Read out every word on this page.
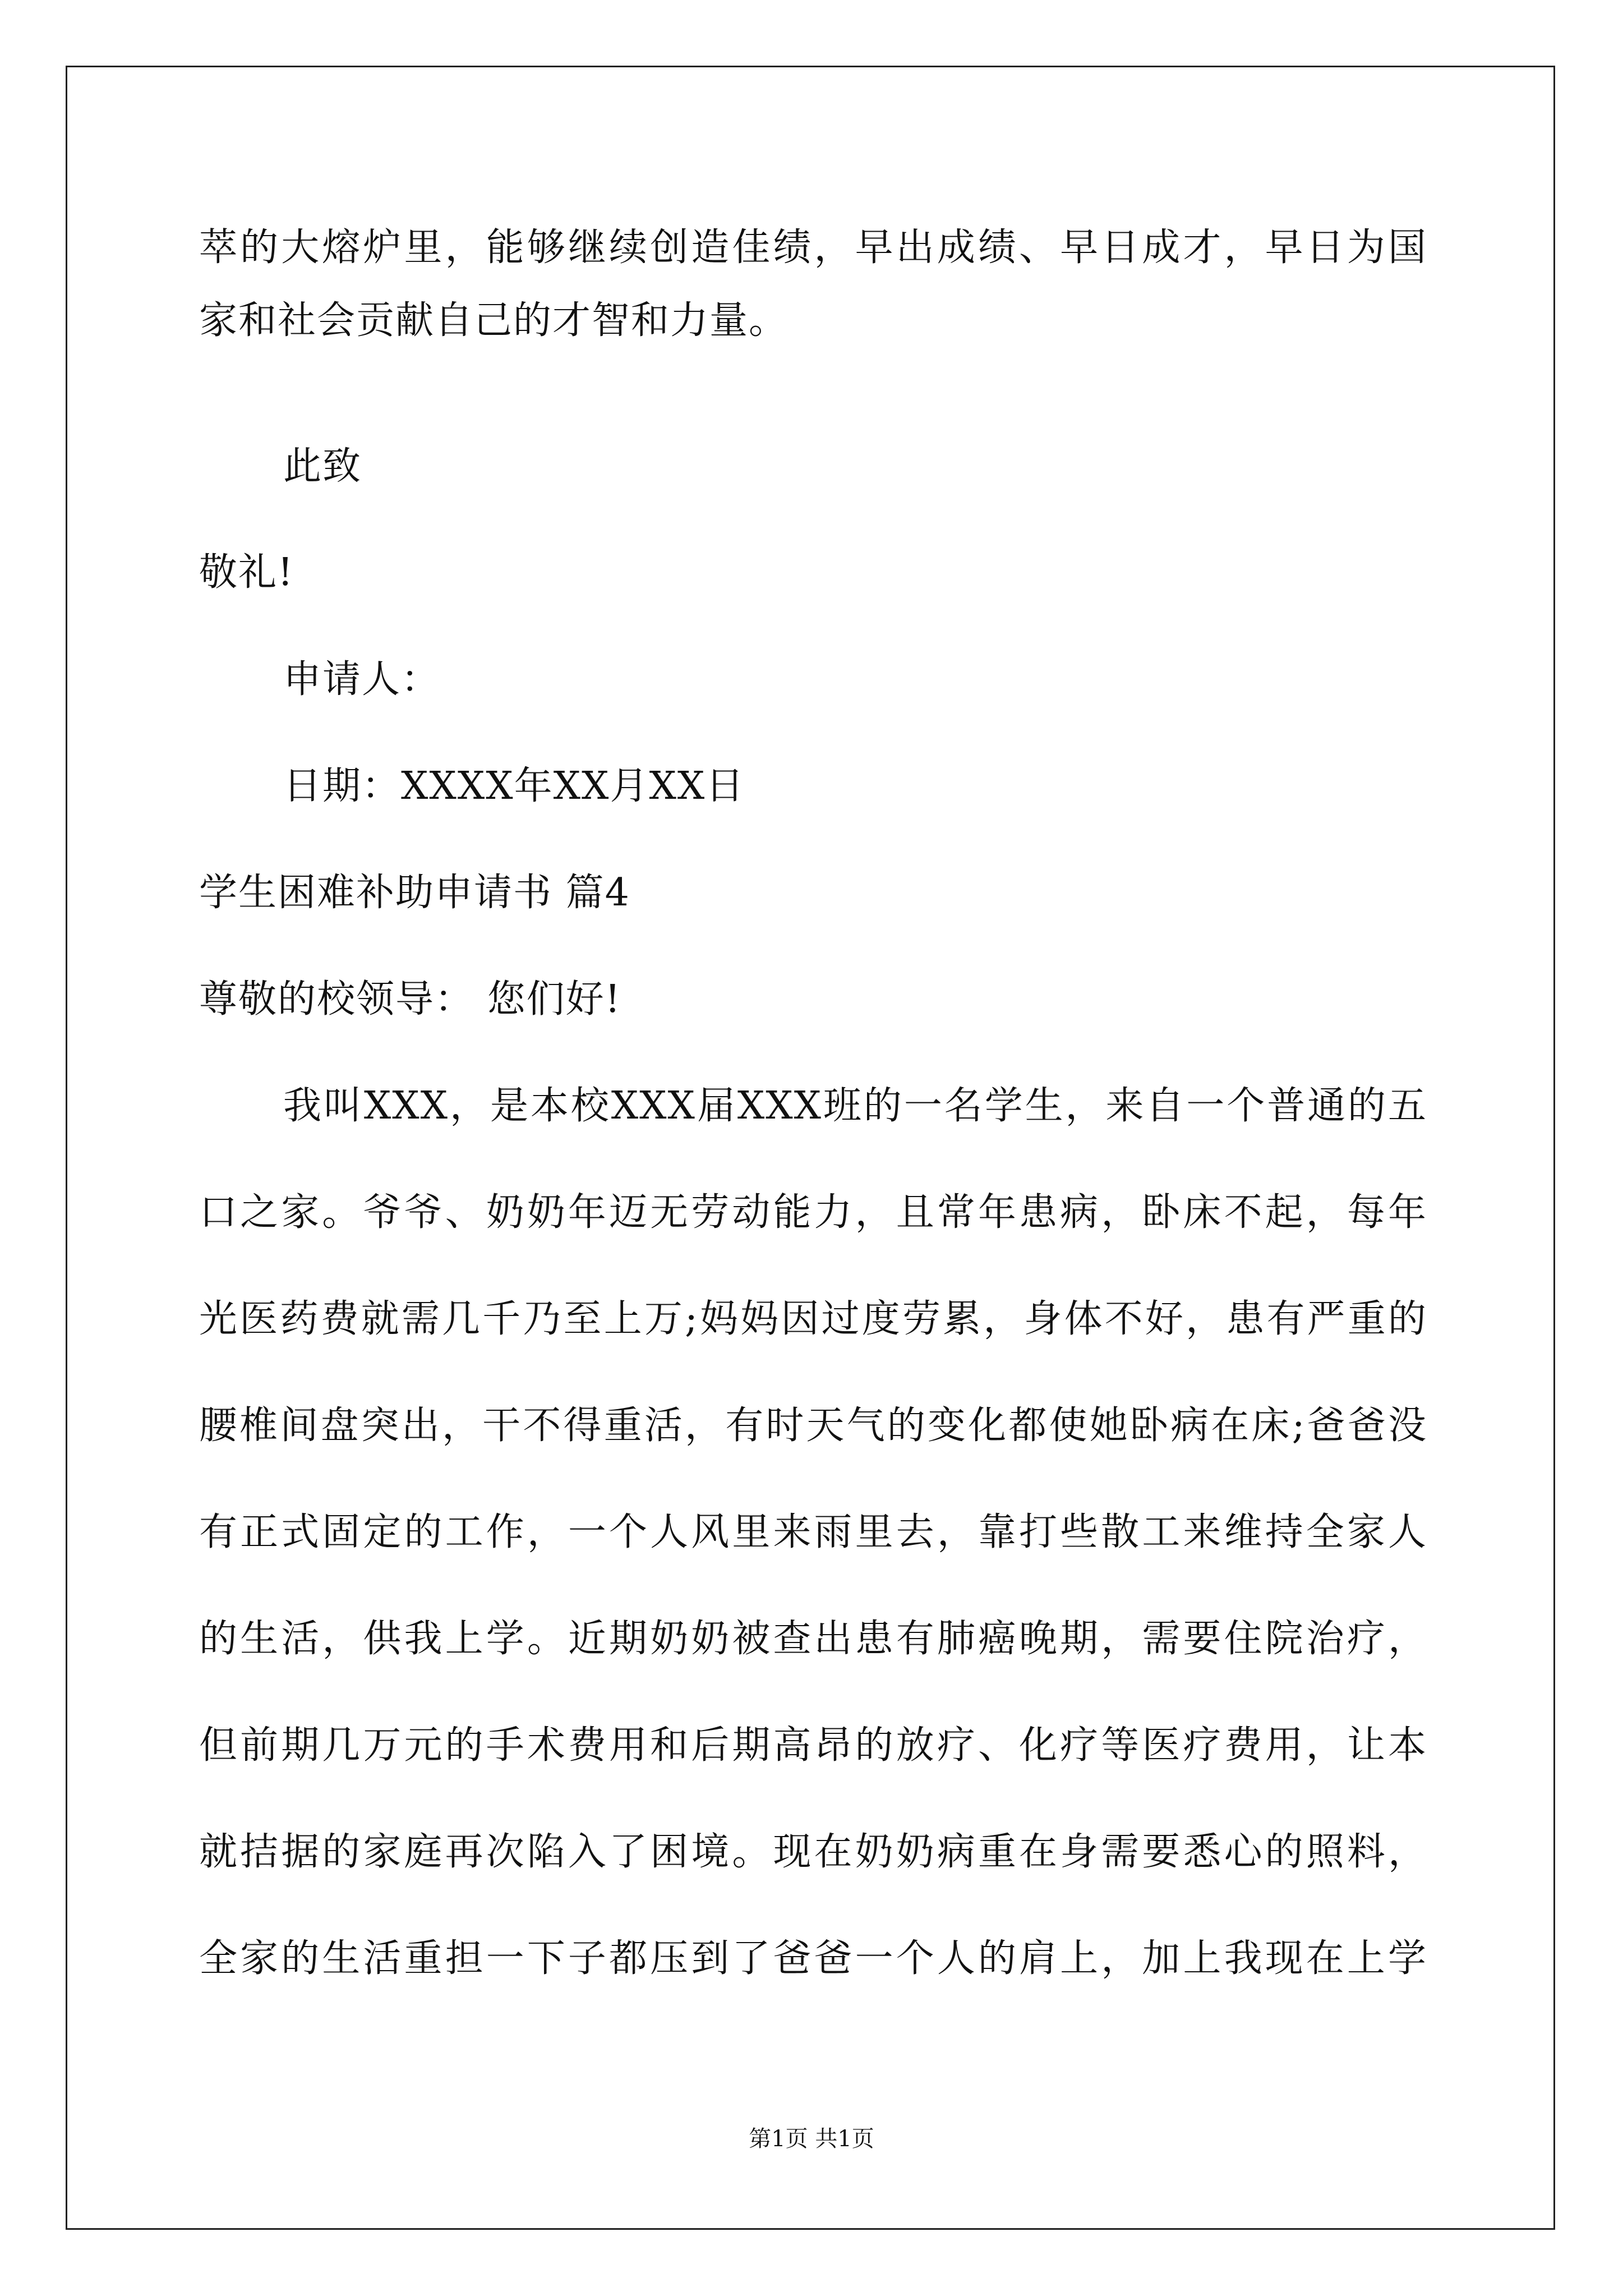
萃的大熔炉里，能够继续创造佳绩，早出成绩、早日成才，早日为国
家和社会贡献自己的才智和力量。
此致
敬礼!
申请人：
日期：XXXX年XX月XX日
学生困难补助申请书 篇4
尊敬的校领导： 您们好!
我叫XXX，是本校XXX届XXX班的一名学生，来自一个普通的五
口之家。爷爷、奶奶年迈无劳动能力，且常年患病，卧床不起，每年
光医药费就需几千乃至上万;妈妈因过度劳累，身体不好，患有严重的
腰椎间盘突出，干不得重活，有时天气的变化都使她卧病在床;爸爸没
有正式固定的工作，一个人风里来雨里去，靠打些散工来维持全家人
的生活，供我上学。近期奶奶被查出患有肺癌晚期，需要住院治疗，
但前期几万元的手术费用和后期高昂的放疗、化疗等医疗费用，让本
就拮据的家庭再次陷入了困境。现在奶奶病重在身需要悉心的照料，
全家的生活重担一下子都压到了爸爸一个人的肩上，加上我现在上学
第1页 共1页
